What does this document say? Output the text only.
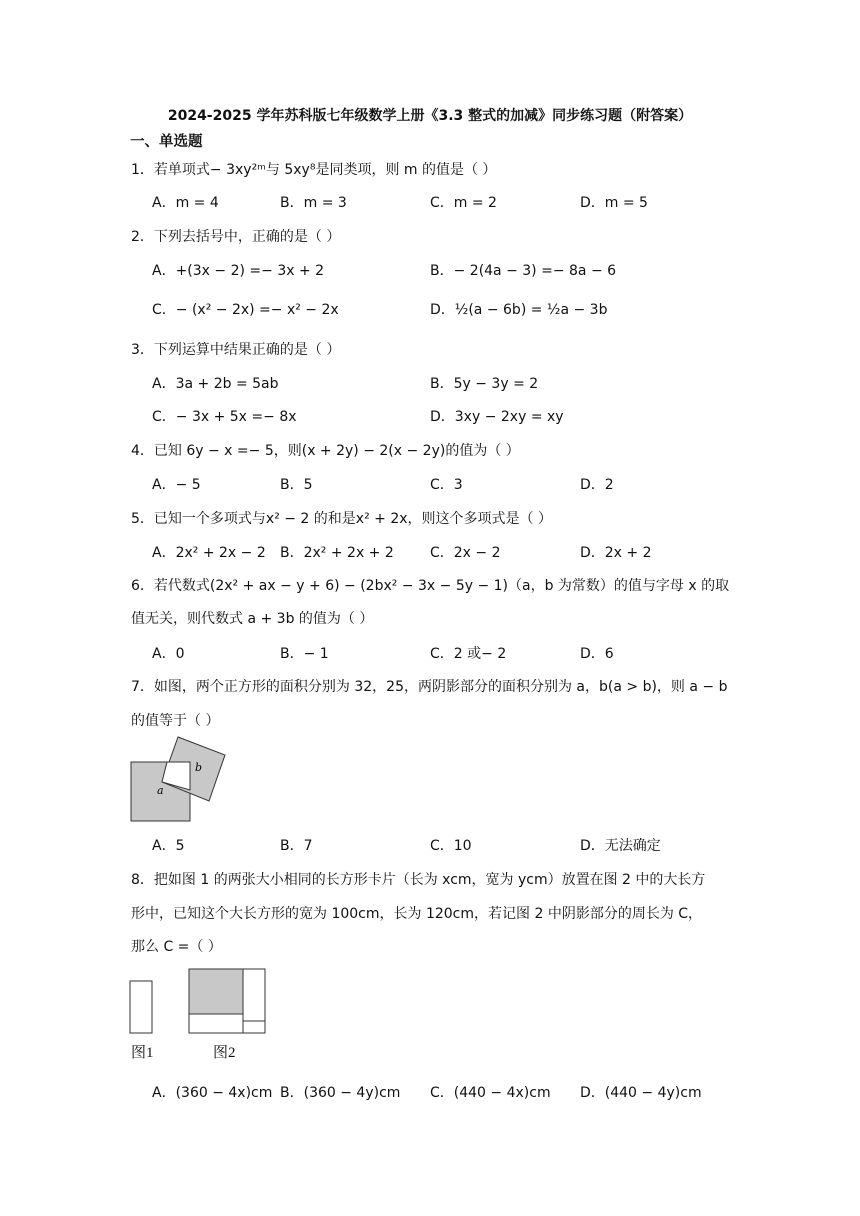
2024-2025 学年苏科版七年级数学上册《3.3 整式的加减》同步练习题（附答案）
一、单选题
1．若单项式− 3xy²ᵐ与 5xy⁸是同类项，则 m 的值是（ ）
A．m = 4	B．m = 3	C．m = 2	D．m = 5
2．下列去括号中，正确的是（ ）
A．+(3x − 2) =− 3x + 2	B．− 2(4a − 3) =− 8a − 6
C．− (x² − 2x) =− x² − 2x	D．½(a − 6b) = ½a − 3b
3．下列运算中结果正确的是（ ）
A．3a + 2b = 5ab	B．5y − 3y = 2
C．− 3x + 5x =− 8x	D．3xy − 2xy = xy
4．已知 6y − x =− 5，则(x + 2y) − 2(x − 2y)的值为（ ）
A．− 5	B．5	C．3	D．2
5．已知一个多项式与x² − 2 的和是x² + 2x，则这个多项式是（ ）
A．2x² + 2x − 2 B．2x² + 2x + 2	C．2x − 2	D．2x + 2
6．若代数式(2x² + ax − y + 6) − (2bx² − 3x − 5y − 1)（a，b 为常数）的值与字母 x 的取
值无关，则代数式 a + 3b 的值为（ ）
A．0	B．− 1	C．2 或− 2	D．6
7．如图，两个正方形的面积分别为 32，25，两阴影部分的面积分别为 a，b(a > b)，则 a − b
的值等于（ ）
a
b
A．5	B．7	C．10	D．无法确定
8．把如图 1 的两张大小相同的长方形卡片（长为 xcm，宽为 ycm）放置在图 2 中的大长方
形中，已知这个大长方形的宽为 100cm，长为 120cm，若记图 2 中阴影部分的周长为 C，
那么 C =（ ）
图1	图2
A．(360 − 4x)cm B．(360 − 4y)cm C．(440 − 4x)cm D．(440 − 4y)cm
